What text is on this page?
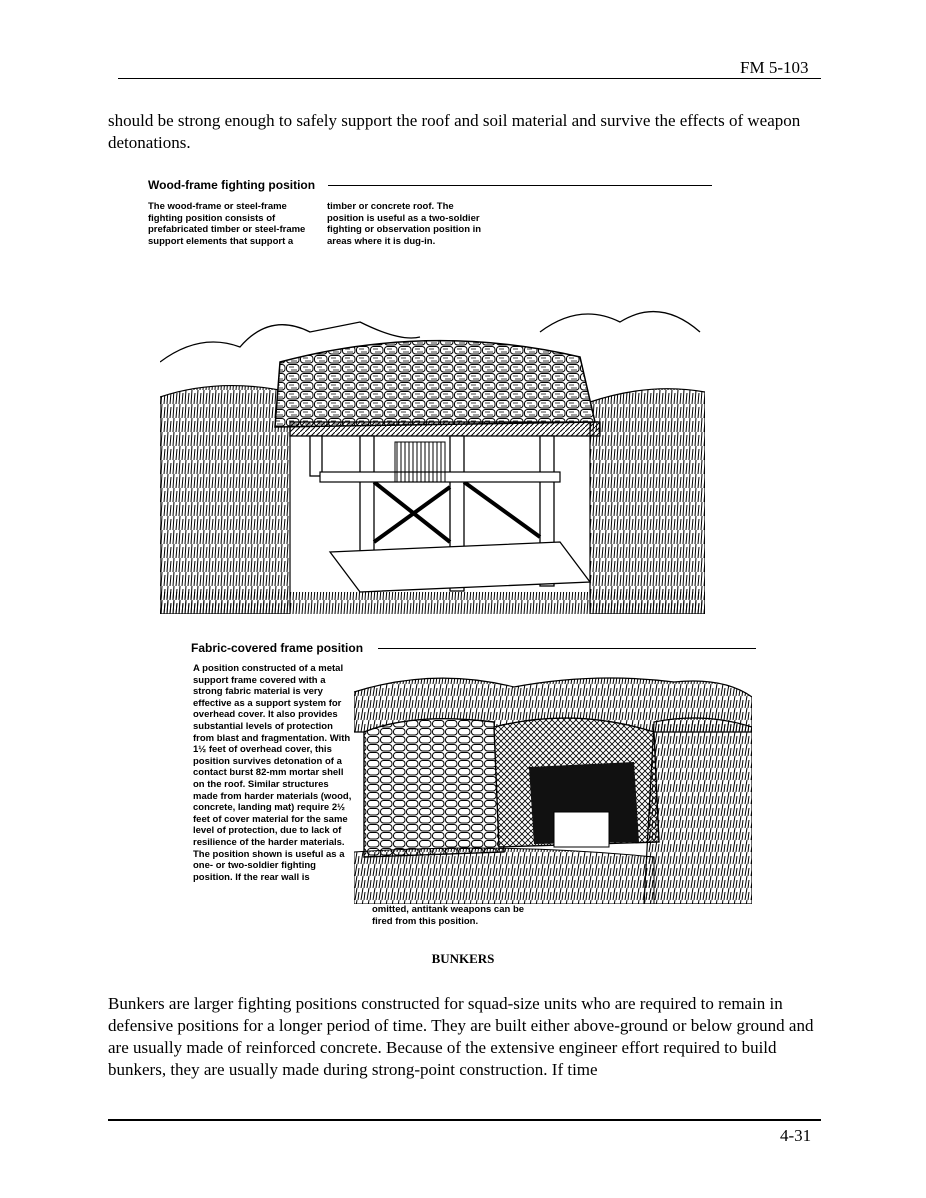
FM 5-103

should be strong enough to safely support the roof and soil material and survive the effects of weapon detonations.

Wood-frame fighting position

The wood-frame or steel-frame fighting position consists of prefabricated timber or steel-frame support elements that support a

timber or concrete roof. The position is useful as a two-soldier fighting or observation position in areas where it is dug-in.

Fabric-covered frame position

A position constructed of a metal support frame covered with a strong fabric material is very effective as a support system for overhead cover. It also provides substantial levels of protection from blast and fragmentation. With 1½ feet of overhead cover, this position survives detonation of a contact burst 82-mm mortar shell on the roof. Similar structures made from harder materials (wood, concrete, landing mat) require 2½ feet of cover material for the same level of protection, due to lack of resilience of the harder materials. The position shown is useful as a one- or two-soldier fighting position. If the rear wall is

omitted, antitank weapons can be fired from this position.

BUNKERS

Bunkers are larger fighting positions constructed for squad-size units who are required to remain in defensive positions for a longer period of time. They are built either above-ground or below ground and are usually made of reinforced concrete. Because of the extensive engineer effort required to build bunkers, they are usually made during strong-point construction. If time

4-31
